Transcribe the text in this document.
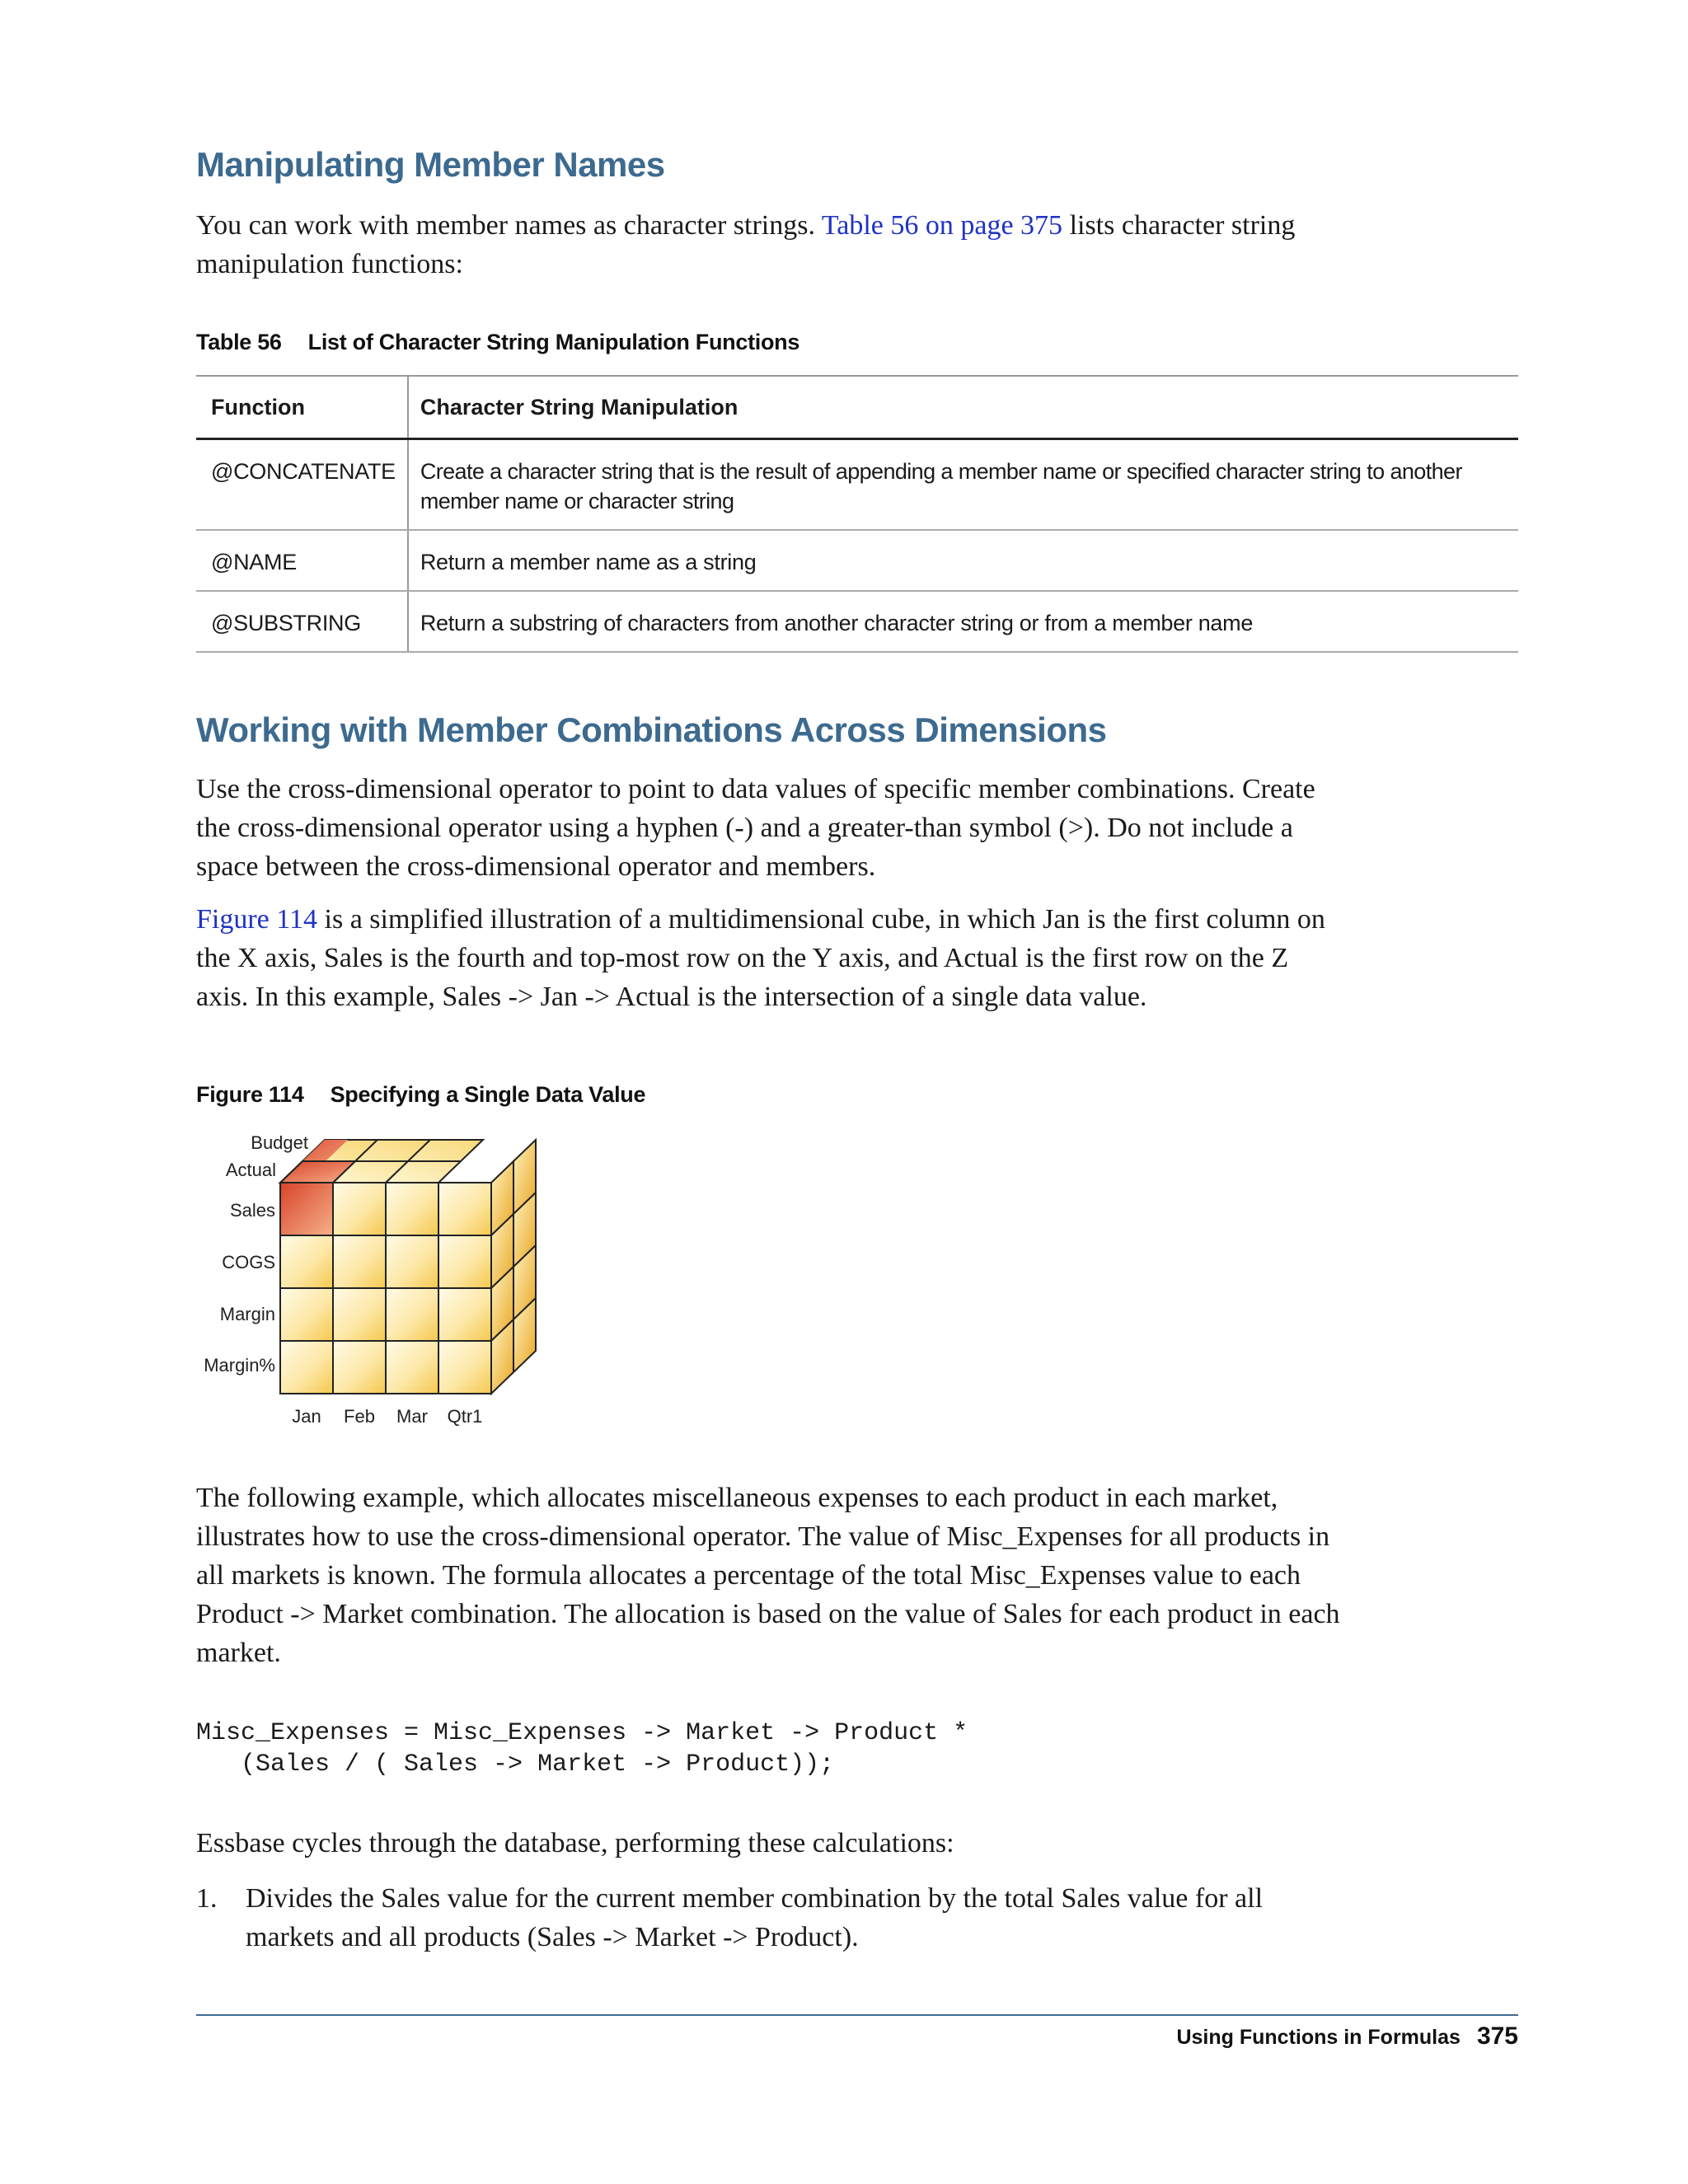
Manipulating Member Names
You can work with member names as character strings. Table 56 on page 375 lists character string manipulation functions:
Table 56 List of Character String Manipulation Functions
Function	Character String Manipulation
@CONCATENATE	Create a character string that is the result of appending a member name or specified character string to another member name or character string
@NAME	Return a member name as a string
@SUBSTRING	Return a substring of characters from another character string or from a member name
Working with Member Combinations Across Dimensions
Use the cross-dimensional operator to point to data values of specific member combinations. Create the cross-dimensional operator using a hyphen (-) and a greater-than symbol (>). Do not include a space between the cross-dimensional operator and members.
Figure 114 is a simplified illustration of a multidimensional cube, in which Jan is the first column on the X axis, Sales is the fourth and top-most row on the Y axis, and Actual is the first row on the Z axis. In this example, Sales -> Jan -> Actual is the intersection of a single data value.
Figure 114 Specifying a Single Data Value
Budget
Actual
Sales
COGS
Margin
Margin%
Jan Feb Mar Qtr1
The following example, which allocates miscellaneous expenses to each product in each market, illustrates how to use the cross-dimensional operator. The value of Misc_Expenses for all products in all markets is known. The formula allocates a percentage of the total Misc_Expenses value to each Product -> Market combination. The allocation is based on the value of Sales for each product in each market.
Misc_Expenses = Misc_Expenses -> Market -> Product *
(Sales / ( Sales -> Market -> Product));
Essbase cycles through the database, performing these calculations:
1.	Divides the Sales value for the current member combination by the total Sales value for all markets and all products (Sales -> Market -> Product).
Using Functions in Formulas 375
